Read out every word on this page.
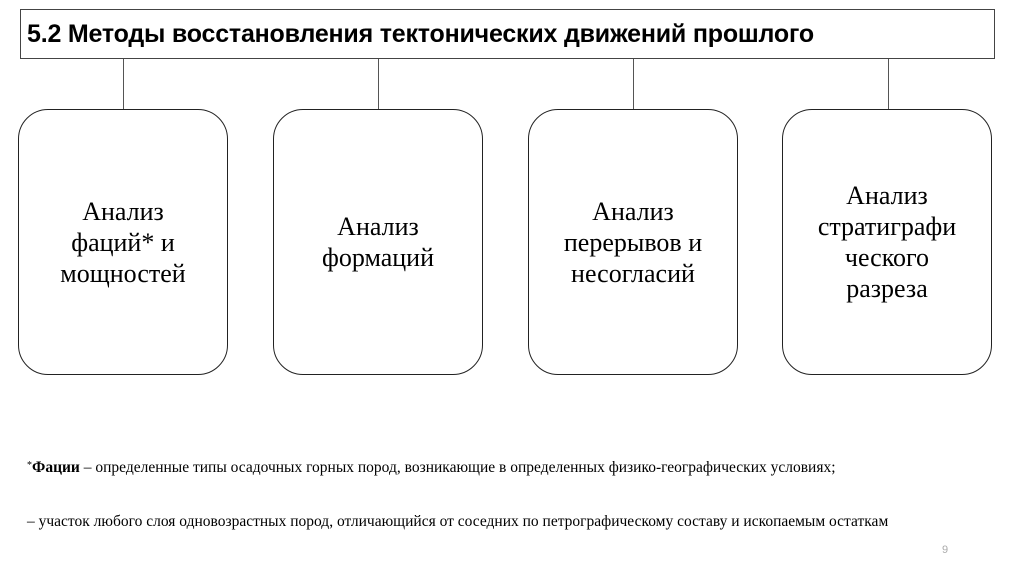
5.2 Методы восстановления тектонических движений прошлого
Анализ
фаций* и
мощностей
Анализ
формаций
Анализ
перерывов и
несогласий
Анализ
стратиграфи
ческого
разреза
*Фации – определенные типы осадочных горных пород, возникающие в определенных физико-географических условиях;
– участок любого слоя одновозрастных пород, отличающийся от соседних по петрографическому составу и ископаемым остаткам
9
